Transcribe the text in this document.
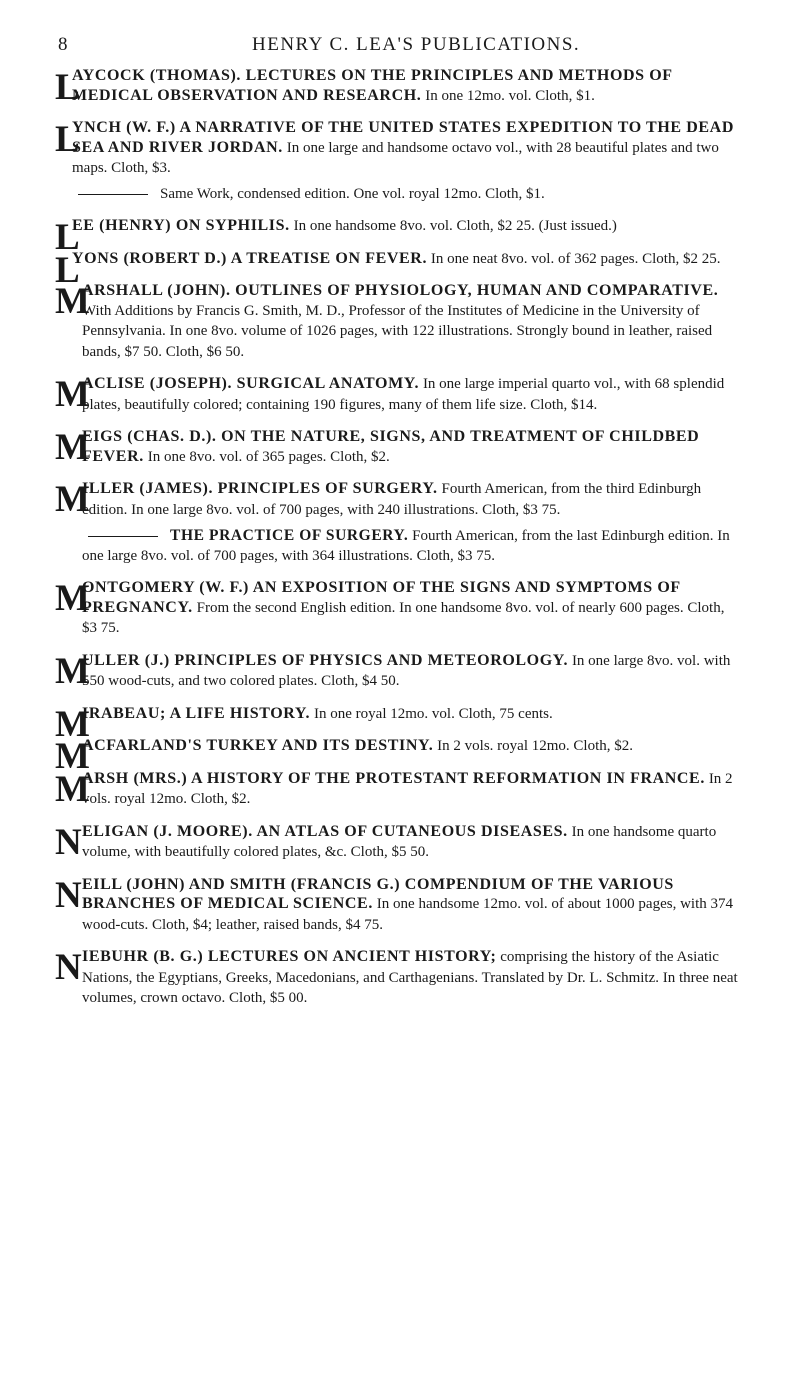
8	HENRY C. LEA'S PUBLICATIONS.
L
AYCOCK (THOMAS). LECTURES ON THE PRINCIPLES AND METHODS OF MEDICAL OBSERVATION AND RESEARCH. In one 12mo. vol. Cloth, $1.
L
YNCH (W. F.) A NARRATIVE OF THE UNITED STATES EXPEDITION TO THE DEAD SEA AND RIVER JORDAN. In one large and handsome octavo vol., with 28 beautiful plates and two maps. Cloth, $3.
Same Work, condensed edition. One vol. royal 12mo. Cloth, $1.
L
EE (HENRY) ON SYPHILIS. In one handsome 8vo. vol. Cloth, $2 25. (Just issued.)
L
YONS (ROBERT D.) A TREATISE ON FEVER. In one neat 8vo. vol. of 362 pages. Cloth, $2 25.
M
ARSHALL (JOHN). OUTLINES OF PHYSIOLOGY, HUMAN AND COMPARATIVE. With Additions by Francis G. Smith, M. D., Professor of the Institutes of Medicine in the University of Pennsylvania. In one 8vo. volume of 1026 pages, with 122 illustrations. Strongly bound in leather, raised bands, $7 50. Cloth, $6 50.
M
ACLISE (JOSEPH). SURGICAL ANATOMY. In one large imperial quarto vol., with 68 splendid plates, beautifully colored; containing 190 figures, many of them life size. Cloth, $14.
M
EIGS (CHAS. D.). ON THE NATURE, SIGNS, AND TREATMENT OF CHILDBED FEVER. In one 8vo. vol. of 365 pages. Cloth, $2.
M
ILLER (JAMES). PRINCIPLES OF SURGERY. Fourth American, from the third Edinburgh edition. In one large 8vo. vol. of 700 pages, with 240 illustrations. Cloth, $3 75.
THE PRACTICE OF SURGERY. Fourth American, from the last Edinburgh edition. In one large 8vo. vol. of 700 pages, with 364 illustrations. Cloth, $3 75.
M
ONTGOMERY (W. F.) AN EXPOSITION OF THE SIGNS AND SYMPTOMS OF PREGNANCY. From the second English edition. In one handsome 8vo. vol. of nearly 600 pages. Cloth, $3 75.
M
ULLER (J.) PRINCIPLES OF PHYSICS AND METEOROLOGY. In one large 8vo. vol. with 550 wood-cuts, and two colored plates. Cloth, $4 50.
M
IRABEAU; A LIFE HISTORY. In one royal 12mo. vol. Cloth, 75 cents.
M
ACFARLAND'S TURKEY AND ITS DESTINY. In 2 vols. royal 12mo. Cloth, $2.
M
ARSH (MRS.) A HISTORY OF THE PROTESTANT REFORMATION IN FRANCE. In 2 vols. royal 12mo. Cloth, $2.
N ELIGAN (J. MOORE). AN ATLAS OF CUTANEOUS DISEASES. In one handsome quarto volume, with beautifully colored plates, &c. Cloth, $5 50.
N EILL (JOHN) AND SMITH (FRANCIS G.) COMPENDIUM OF THE VARIOUS BRANCHES OF MEDICAL SCIENCE. In one handsome 12mo. vol. of about 1000 pages, with 374 wood-cuts. Cloth, $4; leather, raised bands, $4 75.
N IEBUHR (B. G.) LECTURES ON ANCIENT HISTORY; comprising the history of the Asiatic Nations, the Egyptians, Greeks, Macedonians, and Carthagenians. Translated by Dr. L. Schmitz. In three neat volumes, crown octavo. Cloth, $5 00.
